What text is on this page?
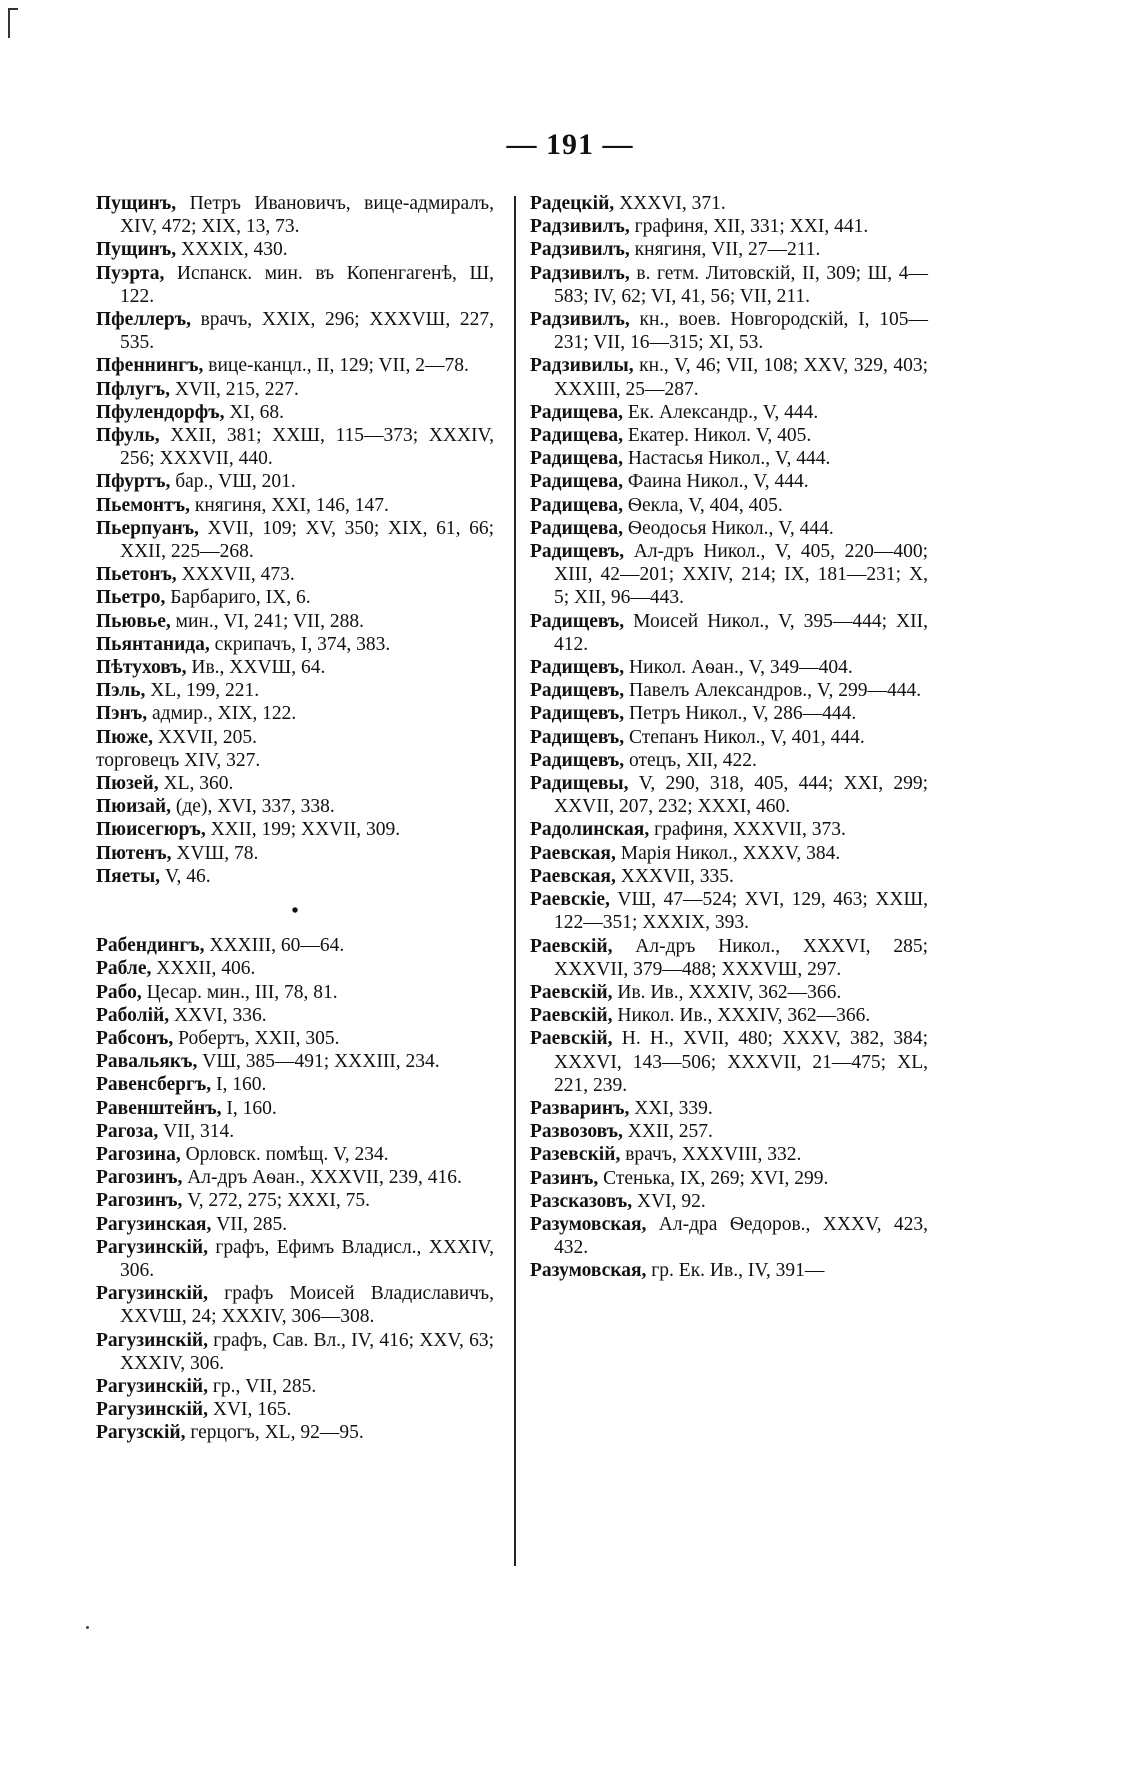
— 191 —

Пущинъ, Петръ Ивановичъ, вице-адмиралъ, XIV, 472; XIX, 13, 73.

Пущинъ, XXXIX, 430.

Пуэрта, Испанск. мин. въ Копенгагенѣ, Ш, 122.

Пфеллеръ, врачъ, XXIX, 296; XXXVШ, 227, 535.

Пфеннингъ, вице-канцл., II, 129; VII, 2—78.

Пфлугъ, XVII, 215, 227.

Пфулендорфъ, XI, 68.

Пфуль, XXII, 381; XXШ, 115—373; XXXIV, 256; XXXVII, 440.

Пфуртъ, бар., VШ, 201.

Пьемонтъ, княгиня, XXI, 146, 147.

Пьерпуанъ, XVII, 109; XV, 350; XIX, 61, 66; XXII, 225—268.

Пьетонъ, XXXVII, 473.

Пьетро, Барбариго, IX, 6.

Пьювье, мин., VI, 241; VII, 288.

Пьянтанида, скрипачъ, I, 374, 383.

Пѣтуховъ, Ив., XXVШ, 64.

Пэль, XL, 199, 221.

Пэнъ, адмир., XIX, 122.

Пюже, XXVII, 205.

торговецъ XIV, 327.

Пюзей, XL, 360.

Пюизай, (де), XVI, 337, 338.

Пюисегюръ, XXII, 199; XXVII, 309.

Пютенъ, XVШ, 78.

Пяеты, V, 46.

•

Рабендингъ, XXXIII, 60—64.

Рабле, XXXII, 406.

Рабо, Цесар. мин., III, 78, 81.

Раболій, XXVI, 336.

Рабсонъ, Робертъ, XXII, 305.

Равальякъ, VШ, 385—491; XXXIII, 234.

Равенсбергъ, I, 160.

Равенштейнъ, I, 160.

Рагоза, VII, 314.

Рагозина, Орловск. помѣщ. V, 234.

Рагозинъ, Ал-дръ Аѳан., XXXVII, 239, 416.

Рагозинъ, V, 272, 275; XXXI, 75.

Рагузинская, VII, 285.

Рагузинскій, графъ, Ефимъ Владисл., XXXIV, 306.

Рагузинскій, графъ Моисей Владиславичъ, XXVШ, 24; XXXIV, 306—308.

Рагузинскій, графъ, Сав. Вл., IV, 416; XXV, 63; XXXIV, 306.

Рагузинскій, гр., VII, 285.

Рагузинскій, XVI, 165.

Рагузскій, герцогъ, XL, 92—95.

Радецкій, XXXVI, 371.

Радзивилъ, графиня, XII, 331; XXI, 441.

Радзивилъ, княгиня, VII, 27—211.

Радзивилъ, в. гетм. Литовскій, II, 309; Ш, 4—583; IV, 62; VI, 41, 56; VII, 211.

Радзивилъ, кн., воев. Новгородскій, I, 105—231; VII, 16—315; XI, 53.

Радзивилы, кн., V, 46; VII, 108; XXV, 329, 403; XXXIII, 25—287.

Радищева, Ек. Александр., V, 444.

Радищева, Екатер. Никол. V, 405.

Радищева, Настасья Никол., V, 444.

Радищева, Фаина Никол., V, 444.

Радищева, Ѳекла, V, 404, 405.

Радищева, Ѳеодосья Никол., V, 444.

Радищевъ, Ал-дръ Никол., V, 405, 220—400; XIII, 42—201; XXIV, 214; IX, 181—231; X, 5; XII, 96—443.

Радищевъ, Моисей Никол., V, 395—444; XII, 412.

Радищевъ, Никол. Аѳан., V, 349—404.

Радищевъ, Павелъ Александров., V, 299—444.

Радищевъ, Петръ Никол., V, 286—444.

Радищевъ, Степанъ Никол., V, 401, 444.

Радищевъ, отецъ, XII, 422.

Радищевы, V, 290, 318, 405, 444; XXI, 299; XXVII, 207, 232; XXXI, 460.

Радолинская, графиня, XXXVII, 373.

Раевская, Марія Никол., XXXV, 384.

Раевская, XXXVII, 335.

Раевскіе, VШ, 47—524; XVI, 129, 463; XXШ, 122—351; XXXIX, 393.

Раевскій, Ал-дръ Никол., XXXVI, 285; XXXVII, 379—488; XXXVШ, 297.

Раевскій, Ив. Ив., XXXIV, 362—366.

Раевскій, Никол. Ив., XXXIV, 362—366.

Раевскій, Н. Н., XVII, 480; XXXV, 382, 384; XXXVI, 143—506; XXXVII, 21—475; XL, 221, 239.

Разваринъ, XXI, 339.

Развозовъ, XXII, 257.

Разевскій, врачъ, XXXVIII, 332.

Разинъ, Стенька, IX, 269; XVI, 299.

Разсказовъ, XVI, 92.

Разумовская, Ал-дра Ѳедоров., XXXV, 423, 432.

Разумовская, гр. Ек. Ив., IV, 391—
